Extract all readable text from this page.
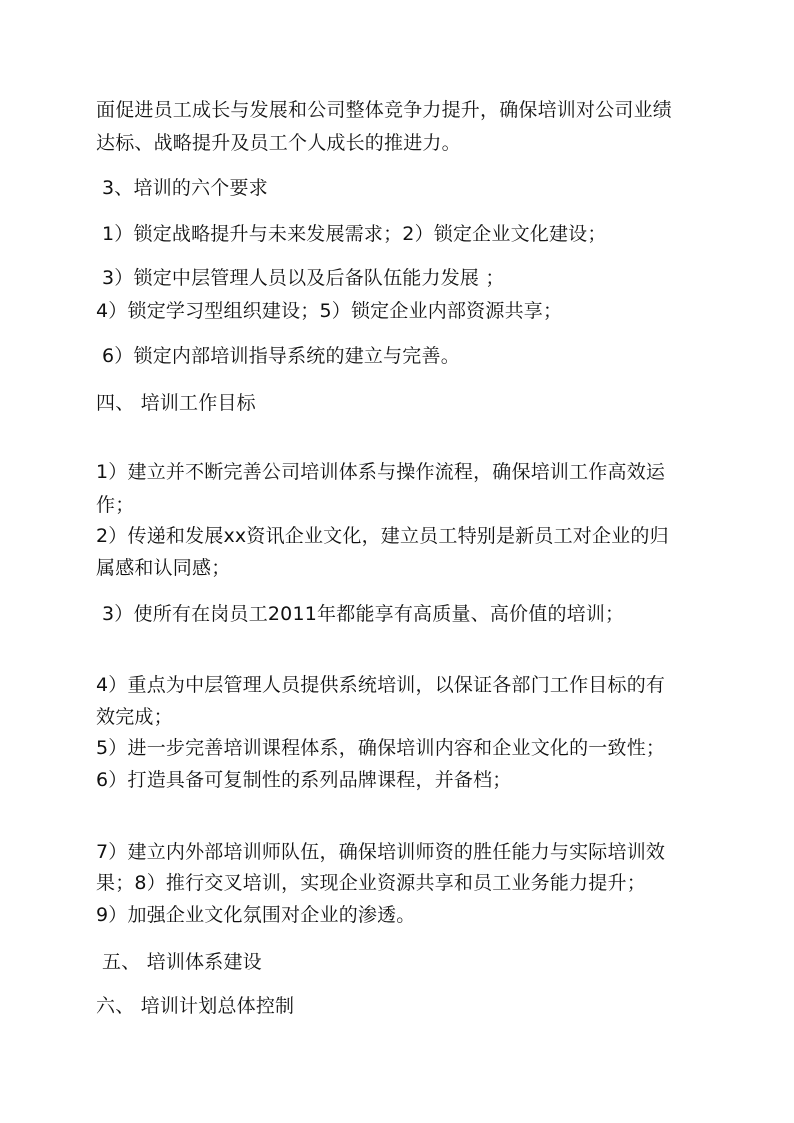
面促进员工成长与发展和公司整体竞争力提升，确保培训对公司业绩
达标、战略提升及员工个人成长的推进力。
3、培训的六个要求
1）锁定战略提升与未来发展需求；2）锁定企业文化建设；
3）锁定中层管理人员以及后备队伍能力发展 ；
4）锁定学习型组织建设；5）锁定企业内部资源共享；
6）锁定内部培训指导系统的建立与完善。
四、 培训工作目标
1）建立并不断完善公司培训体系与操作流程，确保培训工作高效运
作；
2）传递和发展xx资讯企业文化，建立员工特别是新员工对企业的归
属感和认同感；
3）使所有在岗员工2011年都能享有高质量、高价值的培训；
4）重点为中层管理人员提供系统培训，以保证各部门工作目标的有
效完成；
5）进一步完善培训课程体系，确保培训内容和企业文化的一致性；
6）打造具备可复制性的系列品牌课程，并备档；
7）建立内外部培训师队伍，确保培训师资的胜任能力与实际培训效
果；8）推行交叉培训，实现企业资源共享和员工业务能力提升；
9）加强企业文化氛围对企业的渗透。
五、 培训体系建设
六、 培训计划总体控制
